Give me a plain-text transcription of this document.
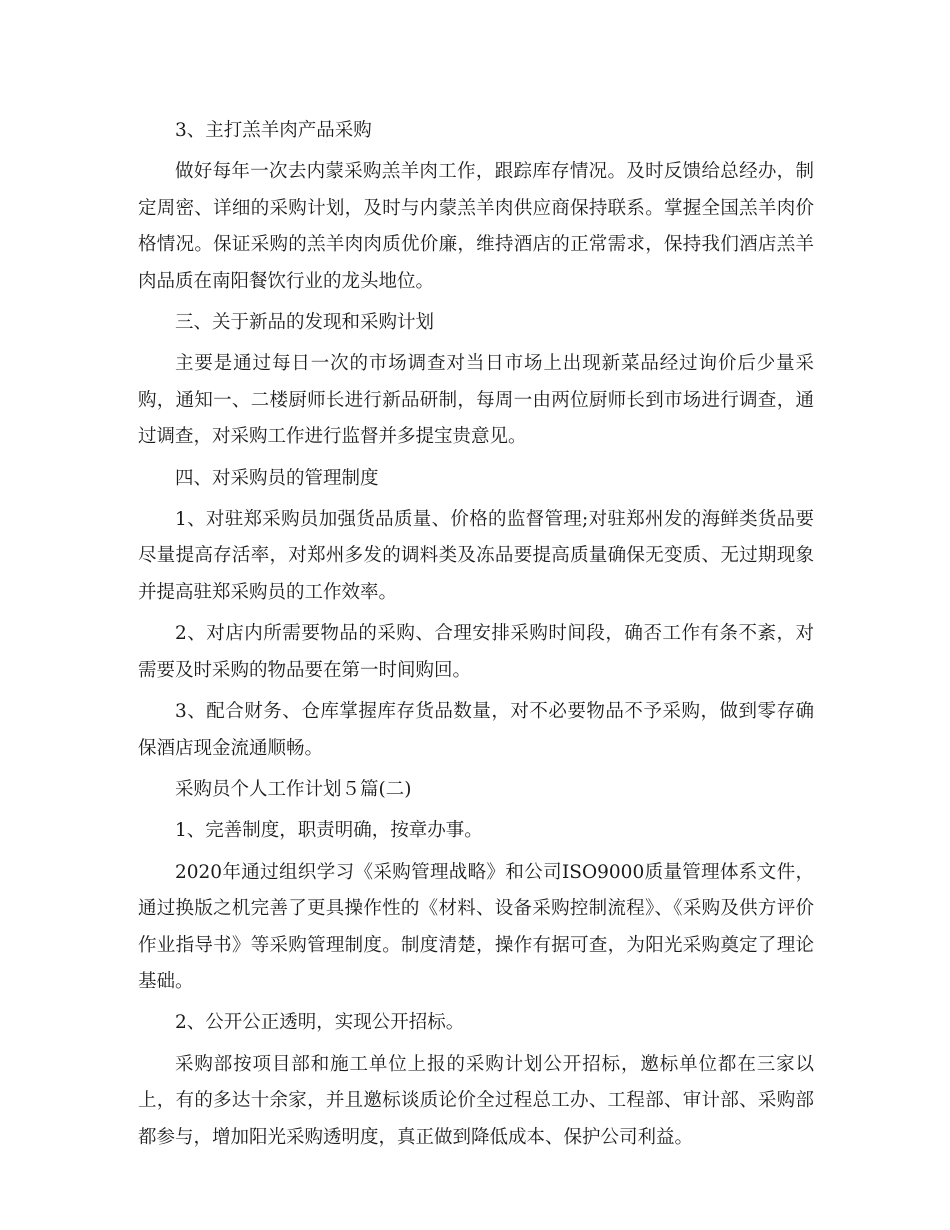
3、主打羔羊肉产品采购

做好每年一次去内蒙采购羔羊肉工作，跟踪库存情况。及时反馈给总经办，制定周密、详细的采购计划，及时与内蒙羔羊肉供应商保持联系。掌握全国羔羊肉价格情况。保证采购的羔羊肉肉质优价廉，维持酒店的正常需求，保持我们酒店羔羊肉品质在南阳餐饮行业的龙头地位。

三、关于新品的发现和采购计划

主要是通过每日一次的市场调查对当日市场上出现新菜品经过询价后少量采购，通知一、二楼厨师长进行新品研制，每周一由两位厨师长到市场进行调查，通过调查，对采购工作进行监督并多提宝贵意见。

四、对采购员的管理制度

1、对驻郑采购员加强货品质量、价格的监督管理;对驻郑州发的海鲜类货品要尽量提高存活率，对郑州多发的调料类及冻品要提高质量确保无变质、无过期现象并提高驻郑采购员的工作效率。

2、对店内所需要物品的采购、合理安排采购时间段，确否工作有条不紊，对需要及时采购的物品要在第一时间购回。

3、配合财务、仓库掌握库存货品数量，对不必要物品不予采购，做到零存确保酒店现金流通顺畅。

采购员个人工作计划５篇(二)

1、完善制度，职责明确，按章办事。

2020年通过组织学习《采购管理战略》和公司ISO9000质量管理体系文件，通过换版之机完善了更具操作性的《材料、设备采购控制流程》、《采购及供方评价作业指导书》等采购管理制度。制度清楚，操作有据可查，为阳光采购奠定了理论基础。

2、公开公正透明，实现公开招标。

采购部按项目部和施工单位上报的采购计划公开招标，邀标单位都在三家以上，有的多达十余家，并且邀标谈质论价全过程总工办、工程部、审计部、采购部都参与，增加阳光采购透明度，真正做到降低成本、保护公司利益。
